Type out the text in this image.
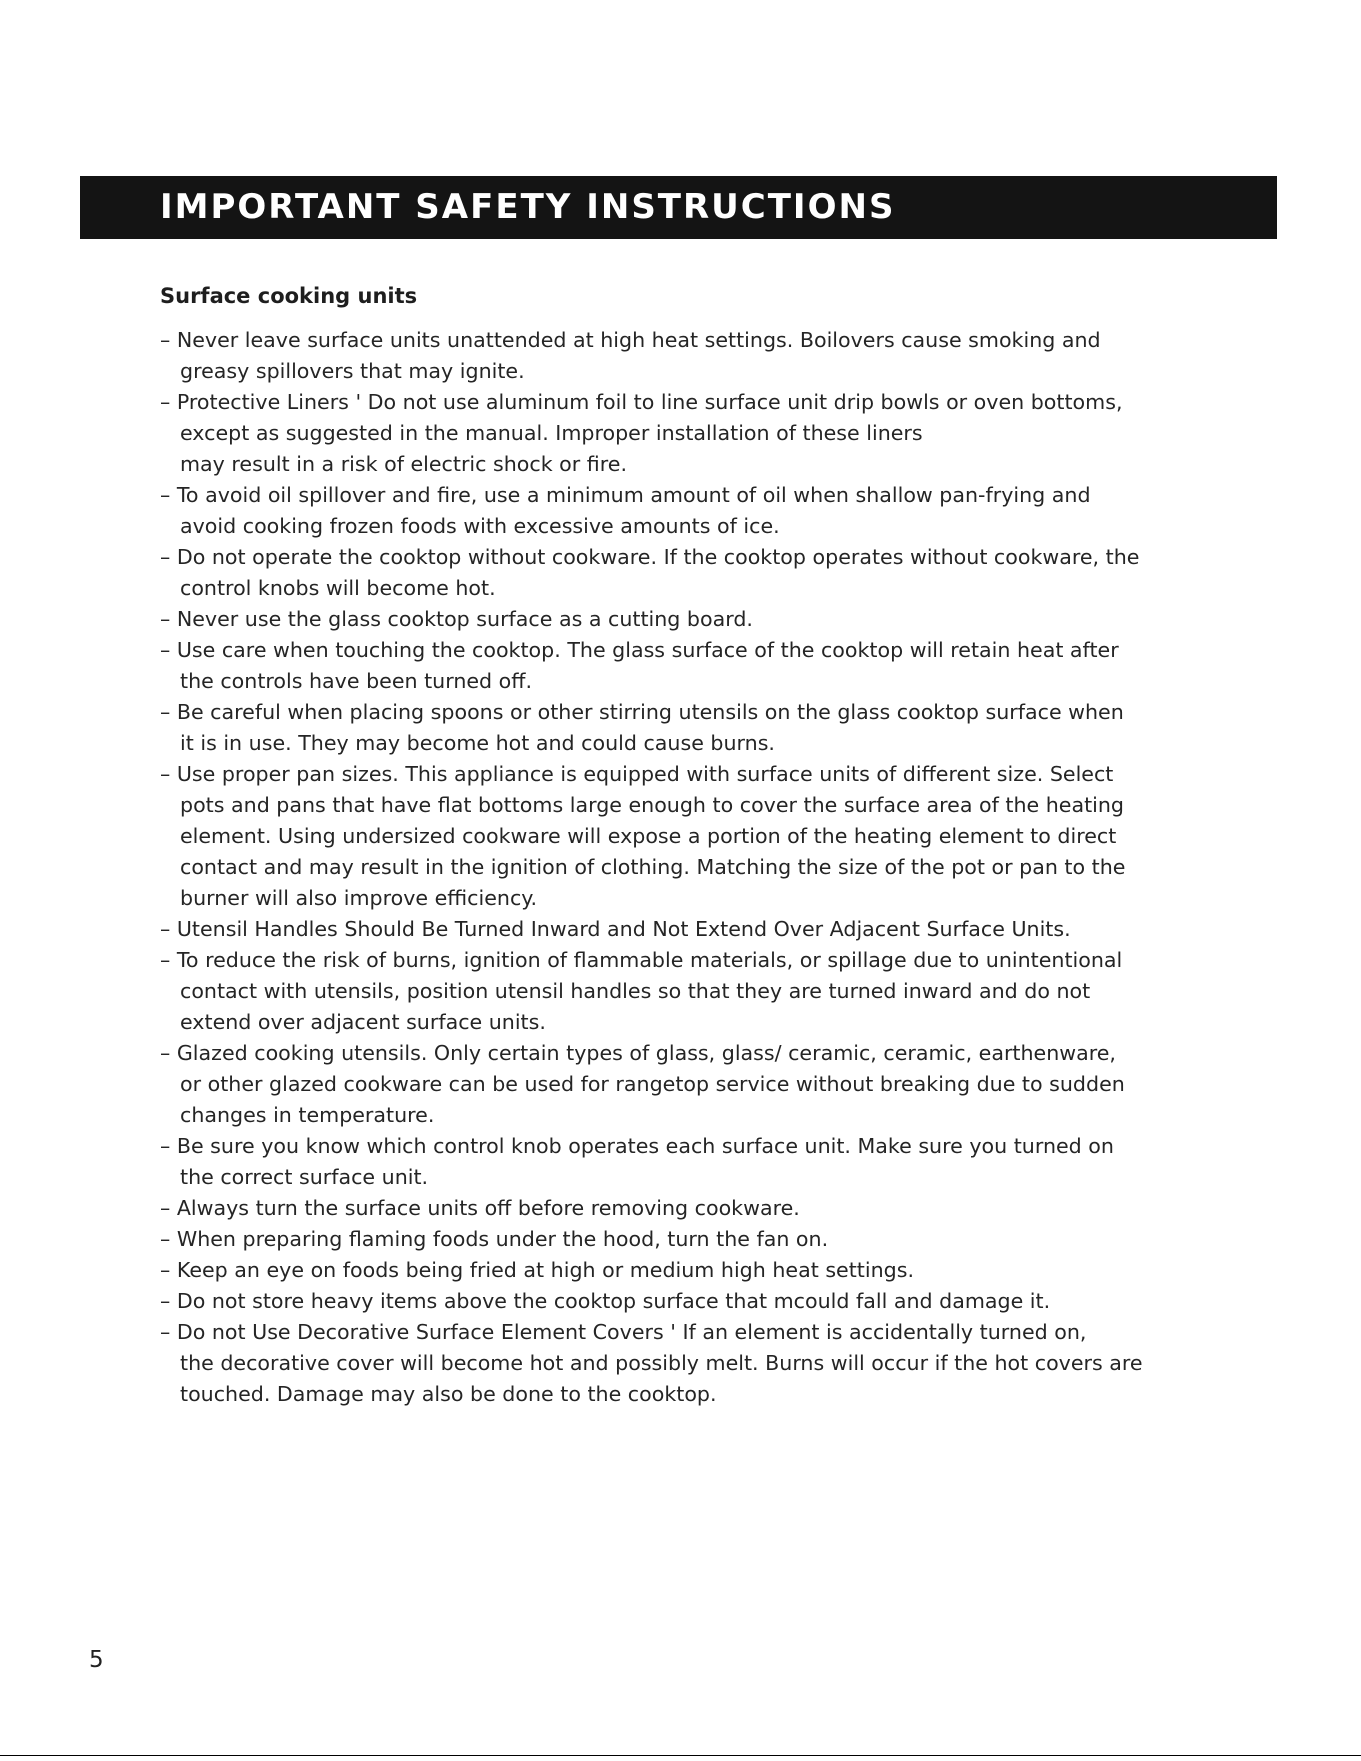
IMPORTANT SAFETY INSTRUCTIONS
Surface cooking units
– Never leave surface units unattended at high heat settings. Boilovers cause smoking and
greasy spillovers that may ignite.
– Protective Liners ' Do not use aluminum foil to line surface unit drip bowls or oven bottoms,
except as suggested in the manual. Improper installation of these liners
may result in a risk of electric shock or fire.
– To avoid oil spillover and fire, use a minimum amount of oil when shallow pan-frying and
avoid cooking frozen foods with excessive amounts of ice.
– Do not operate the cooktop without cookware. If the cooktop operates without cookware, the
control knobs will become hot.
– Never use the glass cooktop surface as a cutting board.
– Use care when touching the cooktop. The glass surface of the cooktop will retain heat after
the controls have been turned off.
– Be careful when placing spoons or other stirring utensils on the glass cooktop surface when
it is in use. They may become hot and could cause burns.
– Use proper pan sizes. This appliance is equipped with surface units of different size. Select
pots and pans that have flat bottoms large enough to cover the surface area of the heating
element. Using undersized cookware will expose a portion of the heating element to direct
contact and may result in the ignition of clothing. Matching the size of the pot or pan to the
burner will also improve efficiency.
– Utensil Handles Should Be Turned Inward and Not Extend Over Adjacent Surface Units.
– To reduce the risk of burns, ignition of flammable materials, or spillage due to unintentional
contact with utensils, position utensil handles so that they are turned inward and do not
extend over adjacent surface units.
– Glazed cooking utensils. Only certain types of glass, glass/ ceramic, ceramic, earthenware,
or other glazed cookware can be used for rangetop service without breaking due to sudden
changes in temperature.
– Be sure you know which control knob operates each surface unit. Make sure you turned on
the correct surface unit.
– Always turn the surface units off before removing cookware.
– When preparing flaming foods under the hood, turn the fan on.
– Keep an eye on foods being fried at high or medium high heat settings.
– Do not store heavy items above the cooktop surface that mcould fall and damage it.
– Do not Use Decorative Surface Element Covers ' If an element is accidentally turned on,
the decorative cover will become hot and possibly melt. Burns will occur if the hot covers are
touched. Damage may also be done to the cooktop.
5
